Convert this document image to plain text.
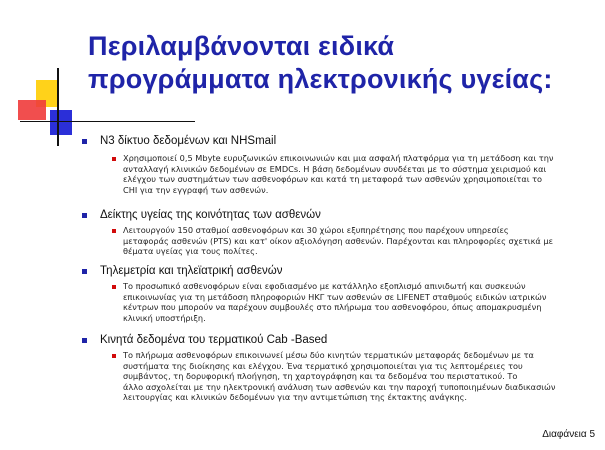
Περιλαμβάνονται ειδικά
προγράμματα ηλεκτρονικής υγείας:
N3 δίκτυο δεδομένων και NHSmail
Χρησιμοποιεί 0,5 Mbyte ευρυζωνικών επικοινωνιών και μια ασφαλή πλατφόρμα για τη μετάδοση και την
ανταλλαγή κλινικών δεδομένων σε EMDCs. Η βάση δεδομένων συνδέεται με το σύστημα χειρισμού και
ελέγχου των συστημάτων των ασθενοφόρων και κατά τη μεταφορά των ασθενών χρησιμοποιείται το
CHI για την εγγραφή των ασθενών.
Δείκτης υγείας της κοινότητας των ασθενών
Λειτουργούν 150 σταθμοί ασθενοφόρων και 30 χώροι εξυπηρέτησης που παρέχουν υπηρεσίες
μεταφοράς ασθενών (PTS) και κατ' οίκον αξιολόγηση ασθενών. Παρέχονται και πληροφορίες σχετικά με
θέματα υγείας για τους πολίτες.
Τηλεμετρία και τηλεϊατρική ασθενών
Το προσωπικό ασθενοφόρων είναι εφοδιασμένο με κατάλληλο εξοπλισμό απινιδωτή και συσκευών
επικοινωνίας για τη μετάδοση πληροφοριών ΗΚΓ των ασθενών σε LIFENET σταθμούς ειδικών ιατρικών
κέντρων που μπορούν να παρέχουν συμβουλές στο πλήρωμα του ασθενοφόρου, όπως απομακρυσμένη
κλινική υποστήριξη.
Κινητά δεδομένα του τερματικού Cab -Based
Το πλήρωμα ασθενοφόρων επικοινωνεί μέσω δύο κινητών τερματικών μεταφοράς δεδομένων με τα
συστήματα της διοίκησης και ελέγχου. Ένα τερματικό χρησιμοποιείται για τις λεπτομέρειες του
συμβάντος, τη δορυφορική πλοήγηση, τη χαρτογράφηση και τα δεδομένα του περιστατικού. Το
άλλο ασχολείται με την ηλεκτρονική ανάλυση των ασθενών και την παροχή τυποποιημένων διαδικασιών
λειτουργίας και κλινικών δεδομένων για την αντιμετώπιση της έκτακτης ανάγκης.
Διαφάνεια 5
